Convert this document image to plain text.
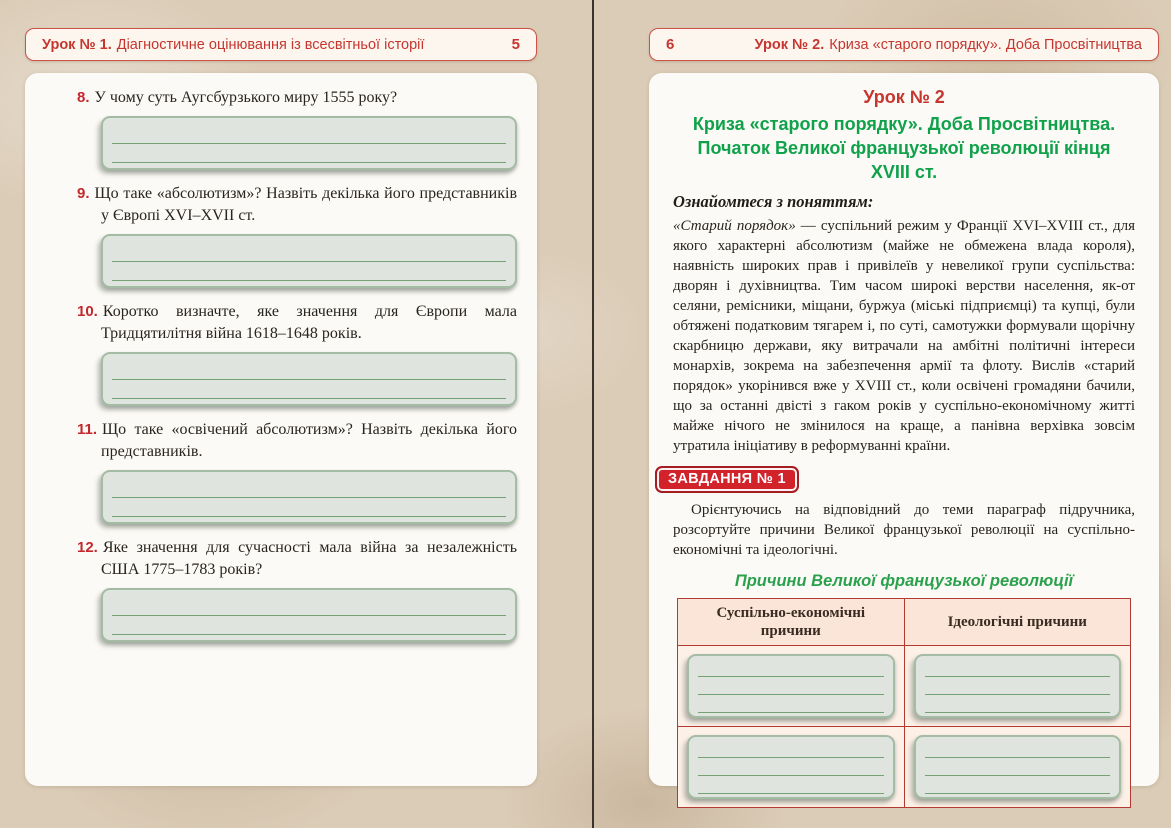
Урок № 1. Діагностичне оцінювання із всесвітньої історії	5

8. У чому суть Аугсбурзького миру 1555 року?

9. Що таке «абсолютизм»? Назвіть декілька його представників у Європі XVI–XVII ст.

10. Коротко визначте, яке значення для Європи мала Тридцятилітня війна 1618–1648 років.

11. Що таке «освічений абсолютизм»? Назвіть декілька його представників.

12. Яке значення для сучасності мала війна за незалежність США 1775–1783 років?

6	Урок № 2. Криза «старого порядку». Доба Просвітництва
Урок № 2
Криза «старого порядку». Доба Просвітництва. Початок Великої французької революції кінця XVIII ст.
Ознайомтеся з поняттям:

«Старий порядок» — суспільний режим у Франції XVI–XVIII ст., для якого характерні абсолютизм (майже не обмежена влада короля), наявність широких прав і привілеїв у невеликої групи суспільства: дворян і духівництва. Тим часом широкі верстви населення, як-от селяни, ремісники, міщани, буржуа (міські підприємці) та купці, були обтяжені податковим тягарем і, по суті, самотужки формували щорічну скарбницю держави, яку витрачали на амбітні політичні інтереси монархів, зокрема на забезпечення армії та флоту. Вислів «старий порядок» укорінився вже у XVIII ст., коли освічені громадяни бачили, що за останні двісті з гаком років у суспільно-економічному житті майже нічого не змінилося на краще, а панівна верхівка зовсім утратила ініціативу в реформуванні країни.

ЗАВДАННЯ № 1

Орієнтуючись на відповідний до теми параграф підручника, розсортуйте причини Великої французької революції на суспільно-економічні та ідеологічні.

Причини Великої французької революції
Суспільно-економічні причини	Ідеологічні причини
